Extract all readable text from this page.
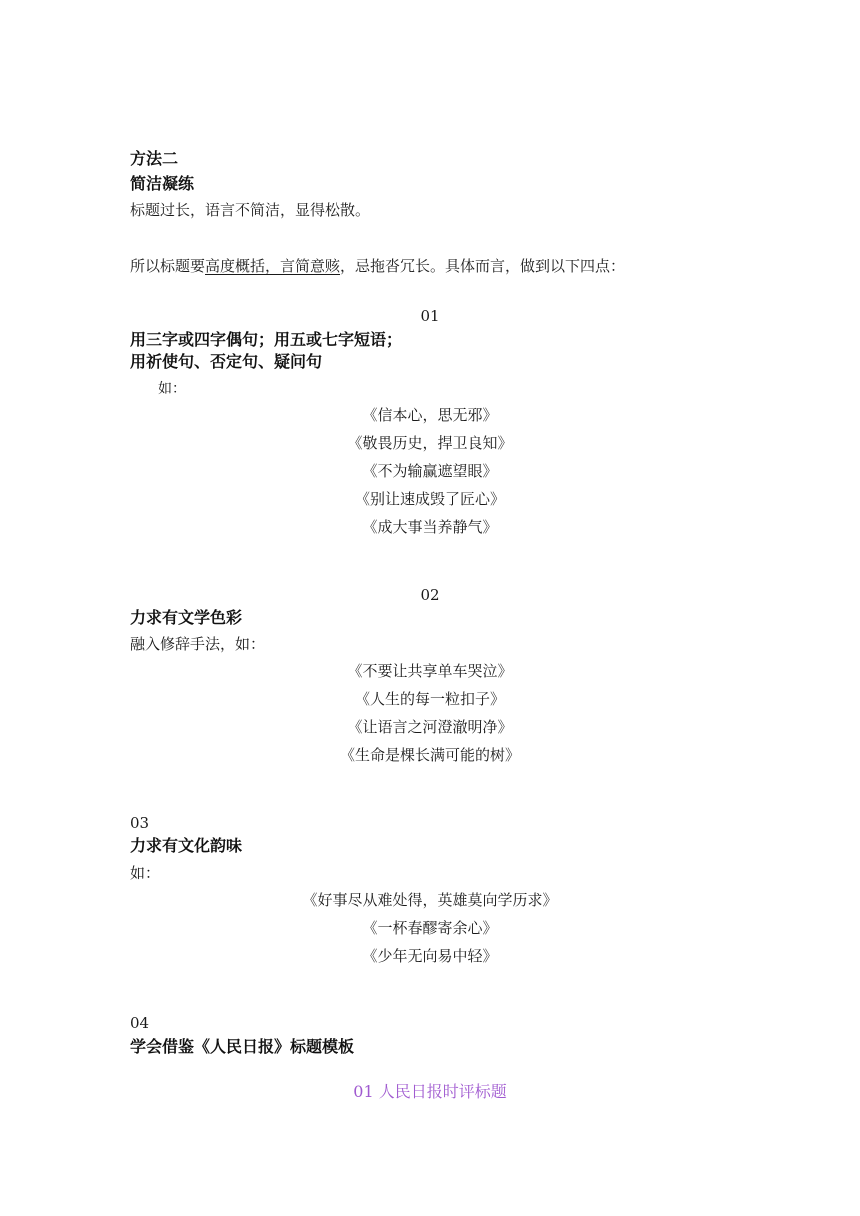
方法二
简洁凝练
标题过长，语言不简洁，显得松散。
所以标题要高度概括，言简意赅，忌拖沓冗长。具体而言，做到以下四点：
01
用三字或四字偶句；用五或七字短语；
用祈使句、否定句、疑问句
如：
《信本心，思无邪》
《敬畏历史，捍卫良知》
《不为输赢遮望眼》
《别让速成毁了匠心》
《成大事当养静气》
02
力求有文学色彩
融入修辞手法，如：
《不要让共享单车哭泣》
《人生的每一粒扣子》
《让语言之河澄澈明净》
《生命是棵长满可能的树》
03
力求有文化韵味
如：
《好事尽从难处得，英雄莫向学历求》
《一杯春醪寄余心》
《少年无向易中轻》
04
学会借鉴《人民日报》标题模板
01 人民日报时评标题
